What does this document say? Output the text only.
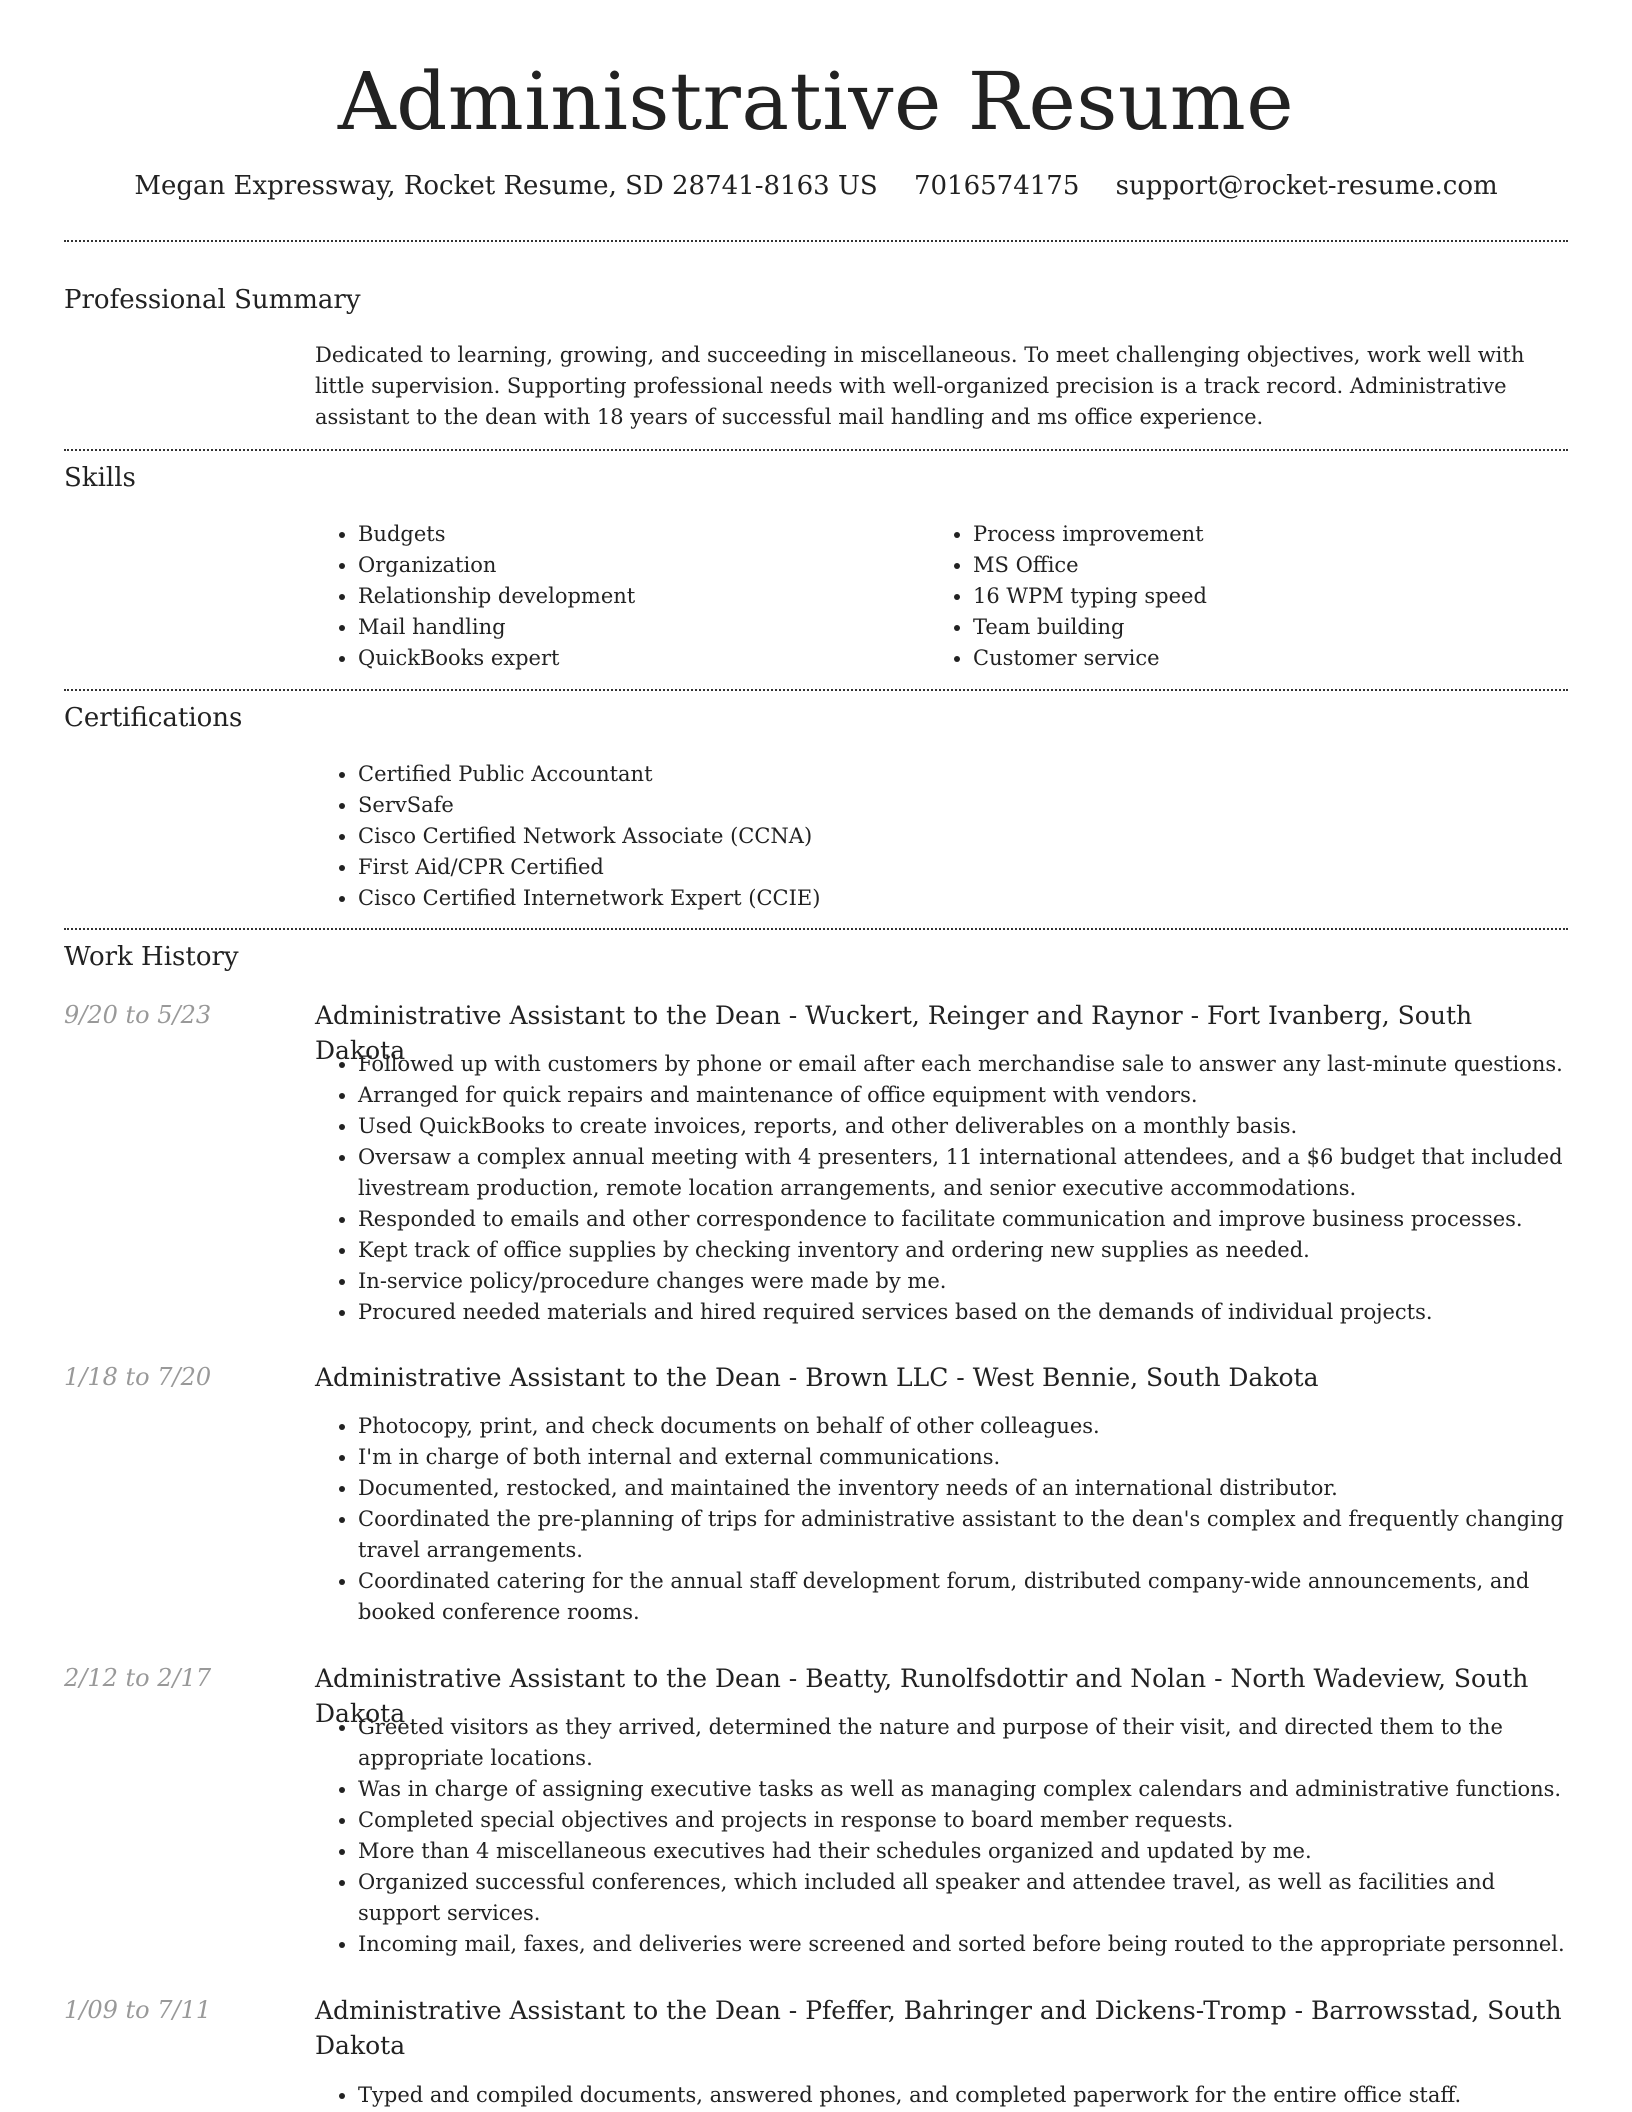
Administrative Resume
Megan Expressway, Rocket Resume, SD 28741-8163 US 7016574175 support@rocket-resume.com
Professional Summary

Dedicated to learning, growing, and succeeding in miscellaneous. To meet challenging objectives, work well with little supervision. Supporting professional needs with well-organized precision is a track record. Administrative assistant to the dean with 18 years of successful mail handling and ms office experience.

Skills
• Budgets
• Organization
• Relationship development
• Mail handling
• QuickBooks expert
• Process improvement
• MS Office
• 16 WPM typing speed
• Team building
• Customer service
Certifications
• Certified Public Accountant
• ServSafe
• Cisco Certified Network Associate (CCNA)
• First Aid/CPR Certified
• Cisco Certified Internetwork Expert (CCIE)
Work History
9/20 to 5/23	Administrative Assistant to the Dean - Wuckert, Reinger and Raynor - Fort Ivanberg, South Dakota
• Followed up with customers by phone or email after each merchandise sale to answer any last-minute questions.
• Arranged for quick repairs and maintenance of office equipment with vendors.
• Used QuickBooks to create invoices, reports, and other deliverables on a monthly basis.
• Oversaw a complex annual meeting with 4 presenters, 11 international attendees, and a $6 budget that included livestream production, remote location arrangements, and senior executive accommodations.
• Responded to emails and other correspondence to facilitate communication and improve business processes.
• Kept track of office supplies by checking inventory and ordering new supplies as needed.
• In-service policy/procedure changes were made by me.
• Procured needed materials and hired required services based on the demands of individual projects.
1/18 to 7/20	Administrative Assistant to the Dean - Brown LLC - West Bennie, South Dakota
• Photocopy, print, and check documents on behalf of other colleagues.
• I'm in charge of both internal and external communications.
• Documented, restocked, and maintained the inventory needs of an international distributor.
• Coordinated the pre-planning of trips for administrative assistant to the dean's complex and frequently changing travel arrangements.
• Coordinated catering for the annual staff development forum, distributed company-wide announcements, and booked conference rooms.
2/12 to 2/17	Administrative Assistant to the Dean - Beatty, Runolfsdottir and Nolan - North Wadeview, South Dakota
• Greeted visitors as they arrived, determined the nature and purpose of their visit, and directed them to the appropriate locations.
• Was in charge of assigning executive tasks as well as managing complex calendars and administrative functions.
• Completed special objectives and projects in response to board member requests.
• More than 4 miscellaneous executives had their schedules organized and updated by me.
• Organized successful conferences, which included all speaker and attendee travel, as well as facilities and support services.
• Incoming mail, faxes, and deliveries were screened and sorted before being routed to the appropriate personnel.
1/09 to 7/11	Administrative Assistant to the Dean - Pfeffer, Bahringer and Dickens-Tromp - Barrowsstad, South Dakota
• Typed and compiled documents, answered phones, and completed paperwork for the entire office staff.
